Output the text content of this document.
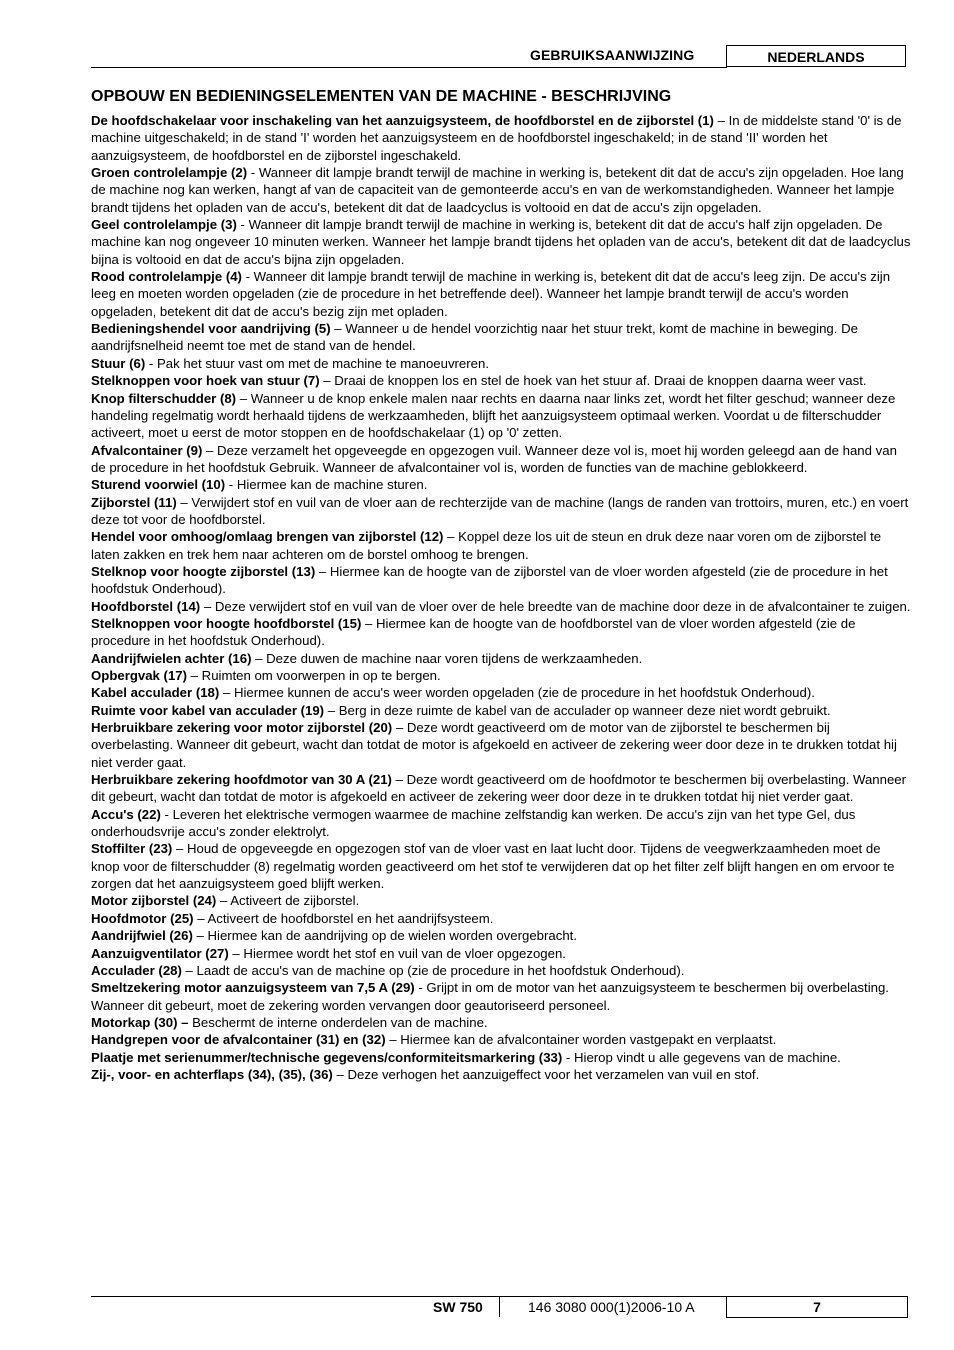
GEBRUIKSAANWIJZING	NEDERLANDS
OPBOUW EN BEDIENINGSELEMENTEN VAN DE MACHINE - BESCHRIJVING

De hoofdschakelaar voor inschakeling van het aanzuigsysteem, de hoofdborstel en de zijborstel (1) – In de middelste stand '0' is de machine uitgeschakeld; in de stand 'I' worden het aanzuigsysteem en de hoofdborstel ingeschakeld; in de stand 'II' worden het aanzuigsysteem, de hoofdborstel en de zijborstel ingeschakeld.

Groen controlelampje (2) - Wanneer dit lampje brandt terwijl de machine in werking is, betekent dit dat de accu's zijn opgeladen. Hoe lang de machine nog kan werken, hangt af van de capaciteit van de gemonteerde accu's en van de werkomstandigheden. Wanneer het lampje brandt tijdens het opladen van de accu's, betekent dit dat de laadcyclus is voltooid en dat de accu's zijn opgeladen.

Geel controlelampje (3) - Wanneer dit lampje brandt terwijl de machine in werking is, betekent dit dat de accu's half zijn opgeladen. De machine kan nog ongeveer 10 minuten werken. Wanneer het lampje brandt tijdens het opladen van de accu's, betekent dit dat de laadcyclus bijna is voltooid en dat de accu's bijna zijn opgeladen.

Rood controlelampje (4) - Wanneer dit lampje brandt terwijl de machine in werking is, betekent dit dat de accu's leeg zijn. De accu's zijn leeg en moeten worden opgeladen (zie de procedure in het betreffende deel). Wanneer het lampje brandt terwijl de accu's worden opgeladen, betekent dit dat de accu's bezig zijn met opladen.

Bedieningshendel voor aandrijving (5) – Wanneer u de hendel voorzichtig naar het stuur trekt, komt de machine in beweging. De aandrijfsnelheid neemt toe met de stand van de hendel.

Stuur (6) - Pak het stuur vast om met de machine te manoeuvreren.

Stelknoppen voor hoek van stuur (7) – Draai de knoppen los en stel de hoek van het stuur af. Draai de knoppen daarna weer vast.

Knop filterschudder (8) – Wanneer u de knop enkele malen naar rechts en daarna naar links zet, wordt het filter geschud; wanneer deze handeling regelmatig wordt herhaald tijdens de werkzaamheden, blijft het aanzuigsysteem optimaal werken. Voordat u de filterschudder activeert, moet u eerst de motor stoppen en de hoofdschakelaar (1) op '0' zetten.

Afvalcontainer (9) – Deze verzamelt het opgeveegde en opgezogen vuil. Wanneer deze vol is, moet hij worden geleegd aan de hand van de procedure in het hoofdstuk Gebruik. Wanneer de afvalcontainer vol is, worden de functies van de machine geblokkeerd.

Sturend voorwiel (10) - Hiermee kan de machine sturen.

Zijborstel (11) – Verwijdert stof en vuil van de vloer aan de rechterzijde van de machine (langs de randen van trottoirs, muren, etc.) en voert deze tot voor de hoofdborstel.

Hendel voor omhoog/omlaag brengen van zijborstel (12) – Koppel deze los uit de steun en druk deze naar voren om de zijborstel te laten zakken en trek hem naar achteren om de borstel omhoog te brengen.

Stelknop voor hoogte zijborstel (13) – Hiermee kan de hoogte van de zijborstel van de vloer worden afgesteld (zie de procedure in het hoofdstuk Onderhoud).

Hoofdborstel (14) – Deze verwijdert stof en vuil van de vloer over de hele breedte van de machine door deze in de afvalcontainer te zuigen.

Stelknoppen voor hoogte hoofdborstel (15) – Hiermee kan de hoogte van de hoofdborstel van de vloer worden afgesteld (zie de procedure in het hoofdstuk Onderhoud).

Aandrijfwielen achter (16) – Deze duwen de machine naar voren tijdens de werkzaamheden.

Opbergvak (17) – Ruimten om voorwerpen in op te bergen.

Kabel acculader (18) – Hiermee kunnen de accu's weer worden opgeladen (zie de procedure in het hoofdstuk Onderhoud).

Ruimte voor kabel van acculader (19) – Berg in deze ruimte de kabel van de acculader op wanneer deze niet wordt gebruikt.

Herbruikbare zekering voor motor zijborstel (20) – Deze wordt geactiveerd om de motor van de zijborstel te beschermen bij overbelasting. Wanneer dit gebeurt, wacht dan totdat de motor is afgekoeld en activeer de zekering weer door deze in te drukken totdat hij niet verder gaat.

Herbruikbare zekering hoofdmotor van 30 A (21) – Deze wordt geactiveerd om de hoofdmotor te beschermen bij overbelasting. Wanneer dit gebeurt, wacht dan totdat de motor is afgekoeld en activeer de zekering weer door deze in te drukken totdat hij niet verder gaat.

Accu's (22) - Leveren het elektrische vermogen waarmee de machine zelfstandig kan werken. De accu's zijn van het type Gel, dus onderhoudsvrije accu's zonder elektrolyt.

Stoffilter (23) – Houd de opgeveegde en opgezogen stof van de vloer vast en laat lucht door. Tijdens de veegwerkzaamheden moet de knop voor de filterschudder (8) regelmatig worden geactiveerd om het stof te verwijderen dat op het filter zelf blijft hangen en om ervoor te zorgen dat het aanzuigsysteem goed blijft werken.

Motor zijborstel (24) – Activeert de zijborstel.

Hoofdmotor (25) – Activeert de hoofdborstel en het aandrijfsysteem.

Aandrijfwiel (26) – Hiermee kan de aandrijving op de wielen worden overgebracht.

Aanzuigventilator (27) – Hiermee wordt het stof en vuil van de vloer opgezogen.

Acculader (28) – Laadt de accu's van de machine op (zie de procedure in het hoofdstuk Onderhoud).

Smeltzekering motor aanzuigsysteem van 7,5 A (29) - Grijpt in om de motor van het aanzuigsysteem te beschermen bij overbelasting. Wanneer dit gebeurt, moet de zekering worden vervangen door geautoriseerd personeel.

Motorkap (30) – Beschermt de interne onderdelen van de machine.

Handgrepen voor de afvalcontainer (31) en (32) – Hiermee kan de afvalcontainer worden vastgepakt en verplaatst.

Plaatje met serienummer/technische gegevens/conformiteitsmarkering (33) - Hierop vindt u alle gegevens van de machine.

Zij-, voor- en achterflaps (34), (35), (36) – Deze verhogen het aanzuigeffect voor het verzamelen van vuil en stof.

SW 750	146 3080 000(1)2006-10 A	7
